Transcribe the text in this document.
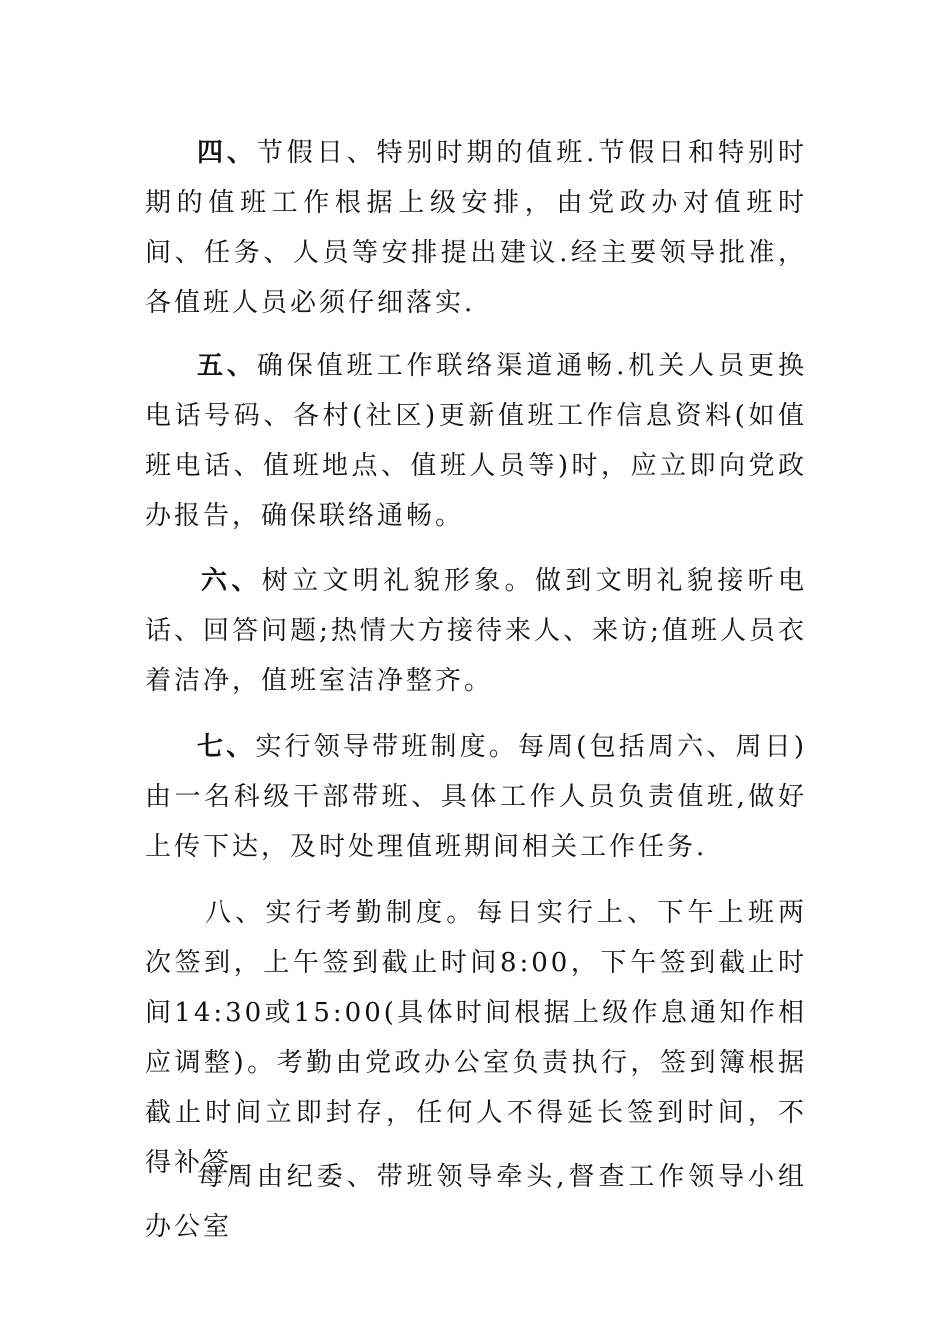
四、节假日、特别时期的值班.节假日和特别时期的值班工作根据上级安排，由党政办对值班时间、任务、人员等安排提出建议.经主要领导批准，各值班人员必须仔细落实.

五、确保值班工作联络渠道通畅.机关人员更换电话号码、各村(社区)更新值班工作信息资料(如值班电话、值班地点、值班人员等)时，应立即向党政办报告，确保联络通畅。

六、树立文明礼貌形象。做到文明礼貌接听电话、回答问题;热情大方接待来人、来访;值班人员衣着洁净，值班室洁净整齐。

七、实行领导带班制度。每周(包括周六、周日)由一名科级干部带班、具体工作人员负责值班,做好上传下达，及时处理值班期间相关工作任务.

八、实行考勤制度。每日实行上、下午上班两次签到，上午签到截止时间8:00，下午签到截止时间14:30或15:00(具体时间根据上级作息通知作相应调整)。考勤由党政办公室负责执行，签到簿根据截止时间立即封存，任何人不得延长签到时间，不得补签。

每周由纪委、带班领导牵头,督查工作领导小组办公室
